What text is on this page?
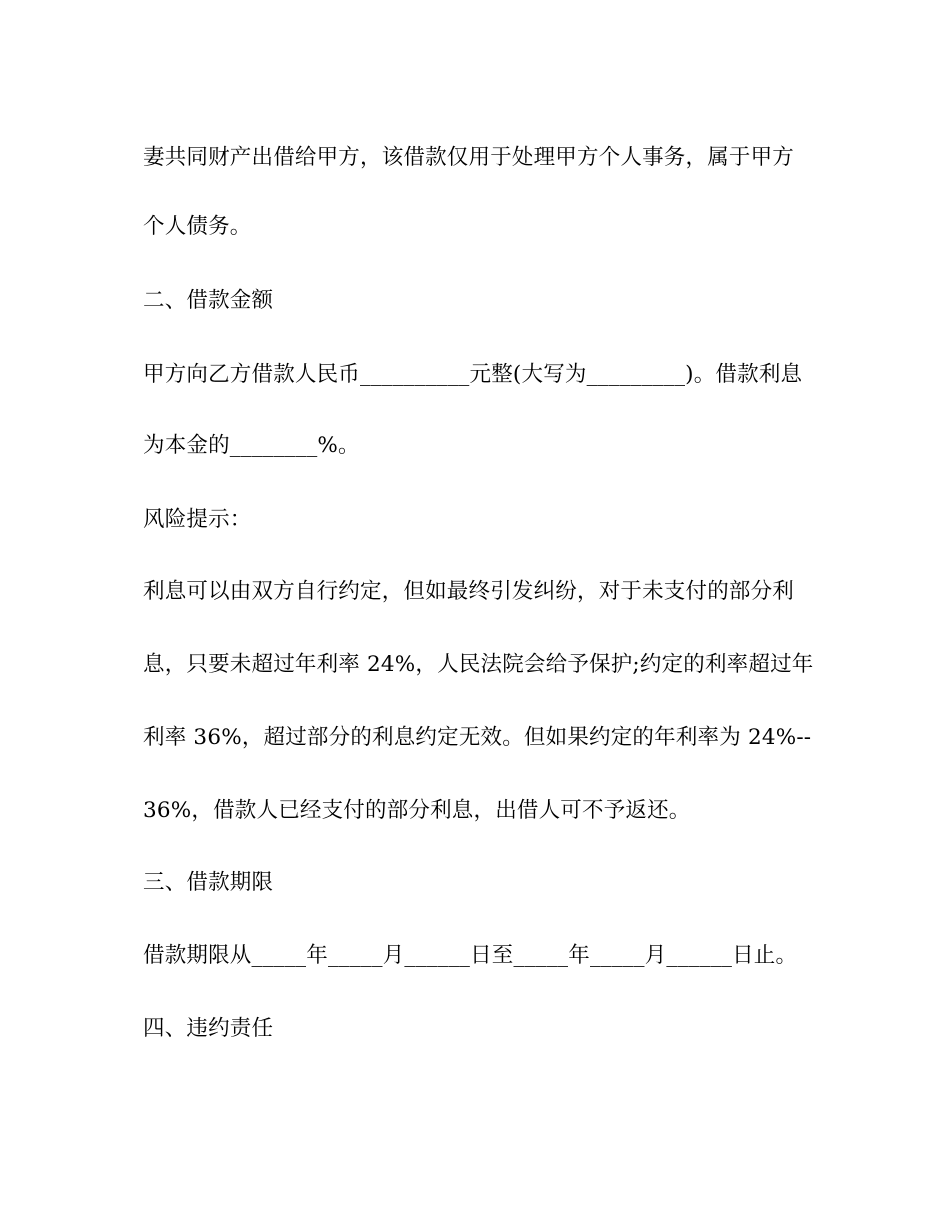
妻共同财产出借给甲方，该借款仅用于处理甲方个人事务，属于甲方
个人债务。
二、借款金额
甲方向乙方借款人民币__________元整(大写为_________)。借款利息
为本金的________%。
风险提示：
利息可以由双方自行约定，但如最终引发纠纷，对于未支付的部分利
息，只要未超过年利率 24%，人民法院会给予保护;约定的利率超过年
利率 36%，超过部分的利息约定无效。但如果约定的年利率为 24%--
36%，借款人已经支付的部分利息，出借人可不予返还。
三、借款期限
借款期限从_____年_____月______日至_____年_____月______日止。
四、违约责任
